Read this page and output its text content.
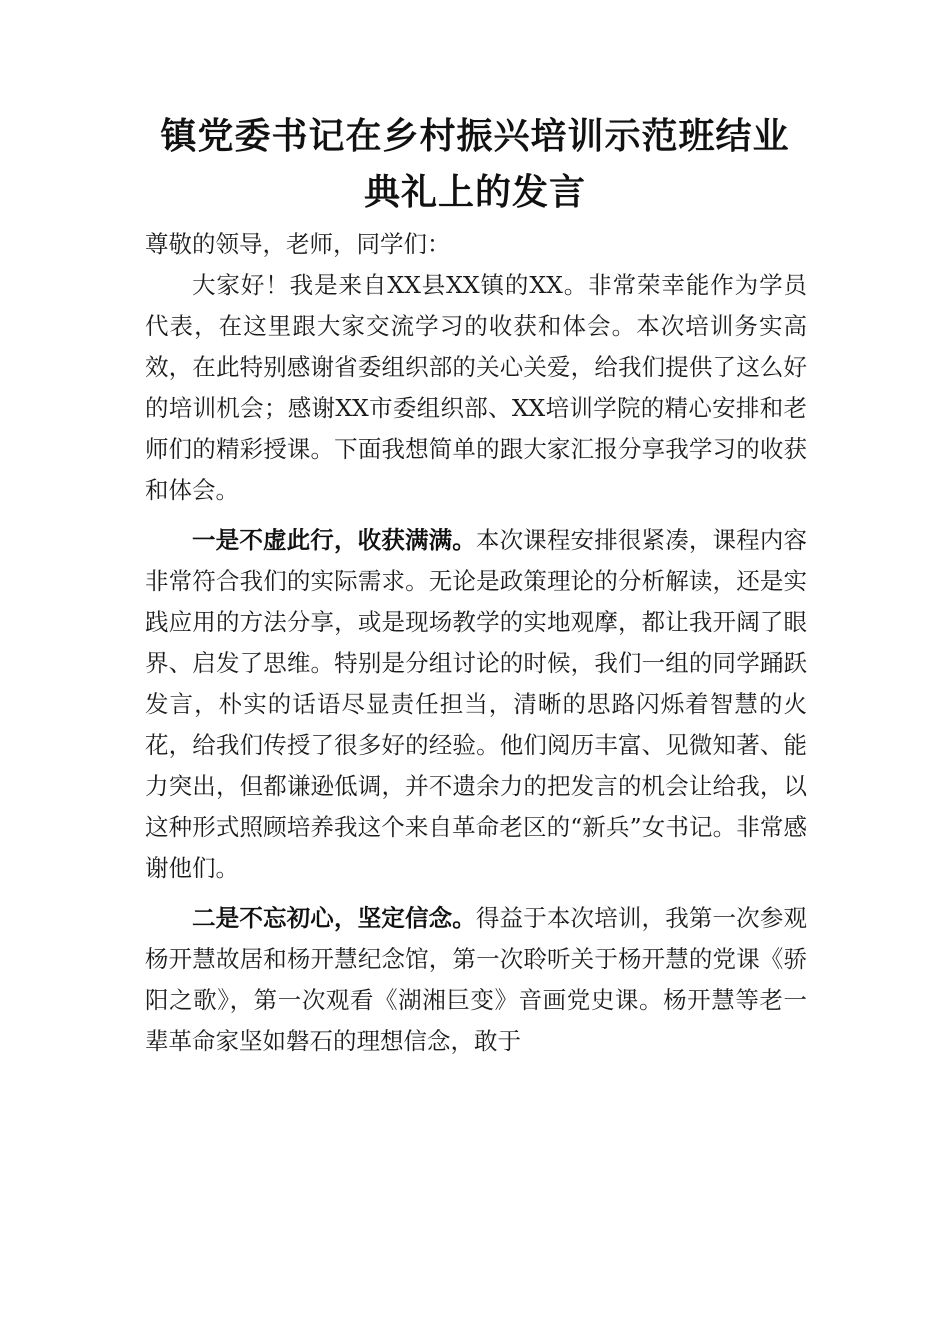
镇党委书记在乡村振兴培训示范班结业典礼上的发言

尊敬的领导，老师，同学们：

大家好！我是来自XX县XX镇的XX。非常荣幸能作为学员代表，在这里跟大家交流学习的收获和体会。本次培训务实高效，在此特别感谢省委组织部的关心关爱，给我们提供了这么好的培训机会；感谢XX市委组织部、XX培训学院的精心安排和老师们的精彩授课。下面我想简单的跟大家汇报分享我学习的收获和体会。

一是不虚此行，收获满满。本次课程安排很紧凑，课程内容非常符合我们的实际需求。无论是政策理论的分析解读，还是实践应用的方法分享，或是现场教学的实地观摩，都让我开阔了眼界、启发了思维。特别是分组讨论的时候，我们一组的同学踊跃发言，朴实的话语尽显责任担当，清晰的思路闪烁着智慧的火花，给我们传授了很多好的经验。他们阅历丰富、见微知著、能力突出，但都谦逊低调，并不遗余力的把发言的机会让给我，以这种形式照顾培养我这个来自革命老区的“新兵”女书记。非常感谢他们。

二是不忘初心，坚定信念。得益于本次培训，我第一次参观杨开慧故居和杨开慧纪念馆，第一次聆听关于杨开慧的党课《骄阳之歌》，第一次观看《湖湘巨变》音画党史课。杨开慧等老一辈革命家坚如磐石的理想信念，敢于
